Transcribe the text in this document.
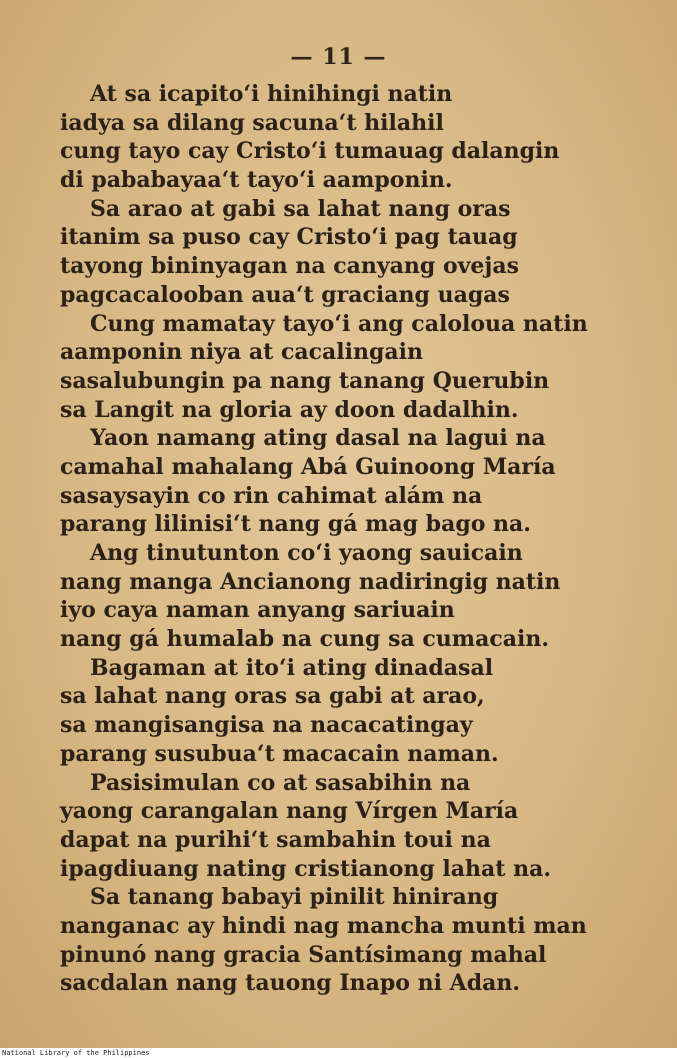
— 11 —
At sa icapito‘i hinihingi natin
iadya sa dilang sacuna‘t hilahil
cung tayo cay Cristo‘i tumauag dalangin
di pababayaa‘t tayo‘i aamponin.
Sa arao at gabi sa lahat nang oras
itanim sa puso cay Cristo‘i pag tauag
tayong bininyagan na canyang ovejas
pagcacalooban aua‘t graciang uagas
Cung mamatay tayo‘i ang caloloua natin
aamponin niya at cacalingain
sasalubungin pa nang tanang Querubin
sa Langit na gloria ay doon dadalhin.
Yaon namang ating dasal na lagui na
camahal mahalang Abá Guinoong María
sasaysayin co rin cahimat alám na
parang lilinisi‘t nang gá mag bago na.
Ang tinutunton co‘i yaong sauicain
nang manga Ancianong nadiringig natin
iyo caya naman anyang sariuain
nang gá humalab na cung sa cumacain.
Bagaman at ito‘i ating dinadasal
sa lahat nang oras sa gabi at arao,
sa mangisangisa na nacacatingay
parang susubua‘t macacain naman.
Pasisimulan co at sasabihin na
yaong carangalan nang Vírgen María
dapat na purihi‘t sambahin toui na
ipagdiuang nating cristianong lahat na.
Sa tanang babayi pinilit hinirang
nanganac ay hindi nag mancha munti man
pinunó nang gracia Santísimang mahal
sacdalan nang tauong Inapo ni Adan.
National Library of the Philippines
